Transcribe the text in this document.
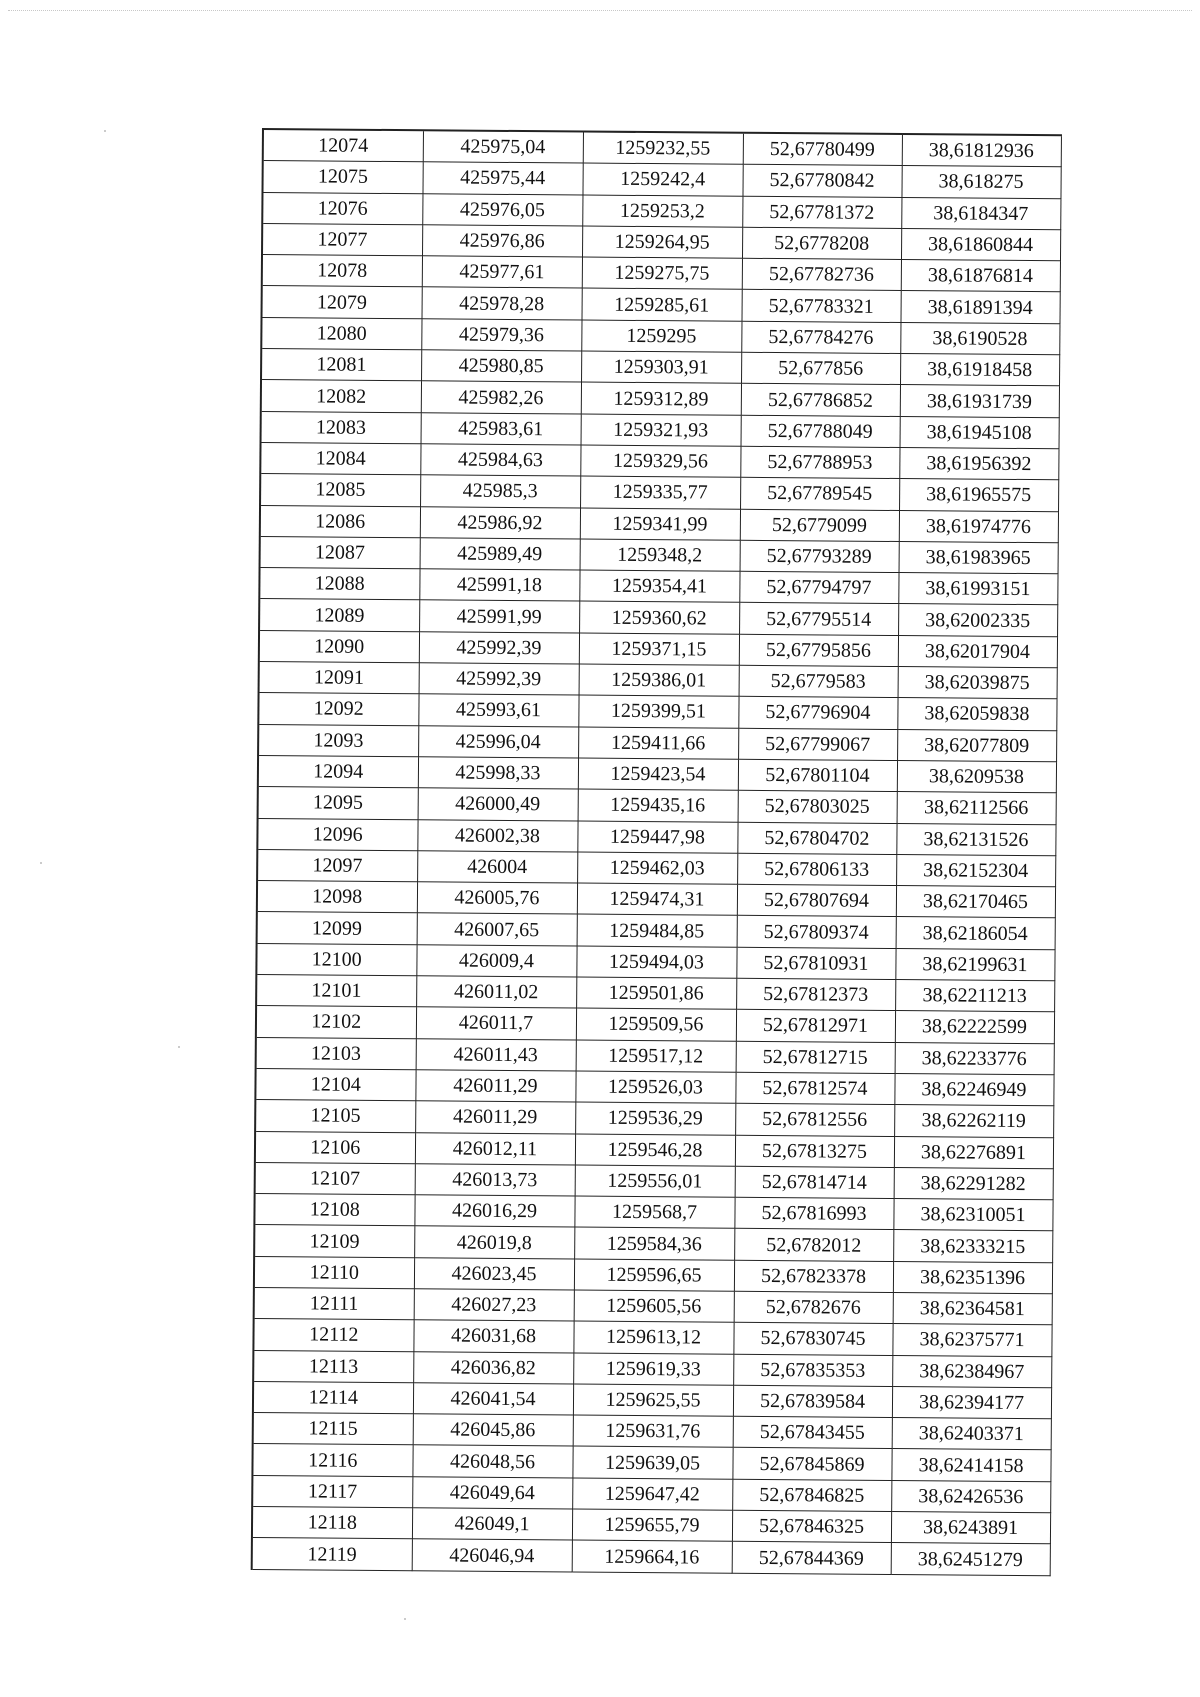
12074	425975,04	1259232,55	52,67780499	38,61812936
12075	425975,44	1259242,4	52,67780842	38,618275
12076	425976,05	1259253,2	52,67781372	38,6184347
12077	425976,86	1259264,95	52,6778208	38,61860844
12078	425977,61	1259275,75	52,67782736	38,61876814
12079	425978,28	1259285,61	52,67783321	38,61891394
12080	425979,36	1259295	52,67784276	38,6190528
12081	425980,85	1259303,91	52,677856	38,61918458
12082	425982,26	1259312,89	52,67786852	38,61931739
12083	425983,61	1259321,93	52,67788049	38,61945108
12084	425984,63	1259329,56	52,67788953	38,61956392
12085	425985,3	1259335,77	52,67789545	38,61965575
12086	425986,92	1259341,99	52,6779099	38,61974776
12087	425989,49	1259348,2	52,67793289	38,61983965
12088	425991,18	1259354,41	52,67794797	38,61993151
12089	425991,99	1259360,62	52,67795514	38,62002335
12090	425992,39	1259371,15	52,67795856	38,62017904
12091	425992,39	1259386,01	52,6779583	38,62039875
12092	425993,61	1259399,51	52,67796904	38,62059838
12093	425996,04	1259411,66	52,67799067	38,62077809
12094	425998,33	1259423,54	52,67801104	38,6209538
12095	426000,49	1259435,16	52,67803025	38,62112566
12096	426002,38	1259447,98	52,67804702	38,62131526
12097	426004	1259462,03	52,67806133	38,62152304
12098	426005,76	1259474,31	52,67807694	38,62170465
12099	426007,65	1259484,85	52,67809374	38,62186054
12100	426009,4	1259494,03	52,67810931	38,62199631
12101	426011,02	1259501,86	52,67812373	38,62211213
12102	426011,7	1259509,56	52,67812971	38,62222599
12103	426011,43	1259517,12	52,67812715	38,62233776
12104	426011,29	1259526,03	52,67812574	38,62246949
12105	426011,29	1259536,29	52,67812556	38,62262119
12106	426012,11	1259546,28	52,67813275	38,62276891
12107	426013,73	1259556,01	52,67814714	38,62291282
12108	426016,29	1259568,7	52,67816993	38,62310051
12109	426019,8	1259584,36	52,6782012	38,62333215
12110	426023,45	1259596,65	52,67823378	38,62351396
12111	426027,23	1259605,56	52,6782676	38,62364581
12112	426031,68	1259613,12	52,67830745	38,62375771
12113	426036,82	1259619,33	52,67835353	38,62384967
12114	426041,54	1259625,55	52,67839584	38,62394177
12115	426045,86	1259631,76	52,67843455	38,62403371
12116	426048,56	1259639,05	52,67845869	38,62414158
12117	426049,64	1259647,42	52,67846825	38,62426536
12118	426049,1	1259655,79	52,67846325	38,6243891
12119	426046,94	1259664,16	52,67844369	38,62451279
